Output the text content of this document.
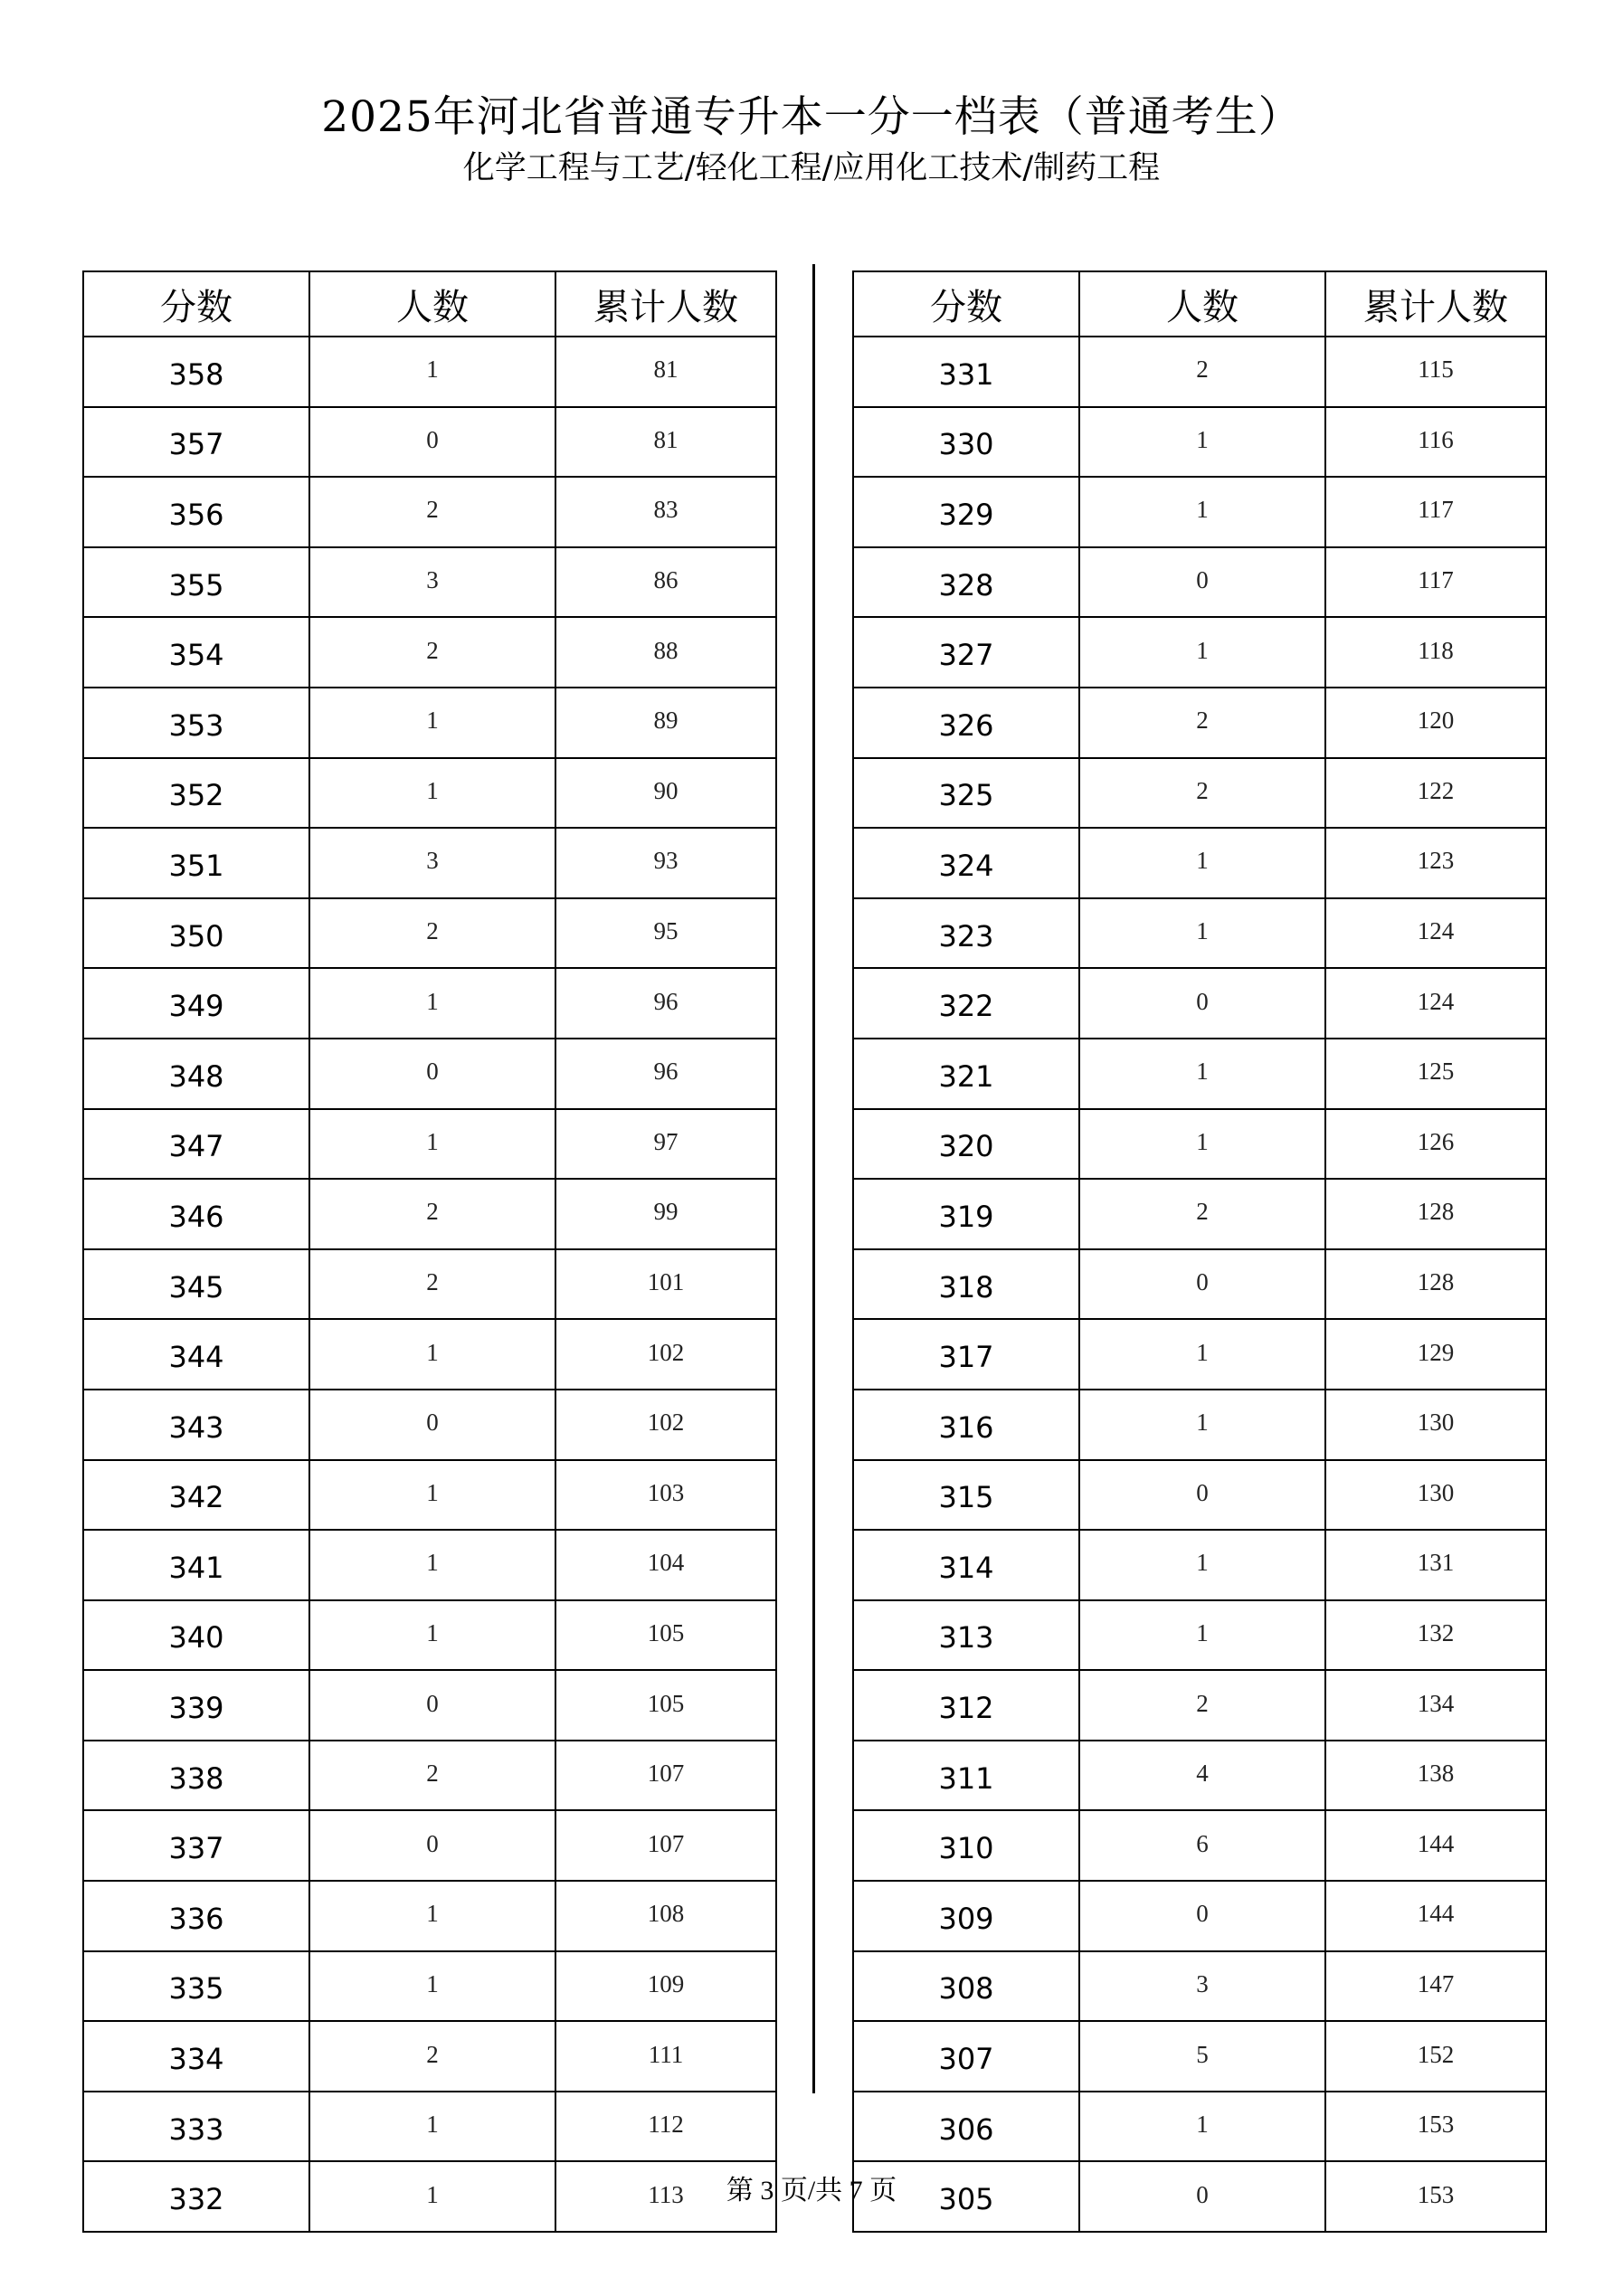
2025年河北省普通专升本一分一档表（普通考生）
化学工程与工艺/轻化工程/应用化工技术/制药工程
分数	人数	累计人数
358	1	81
357	0	81
356	2	83
355	3	86
354	2	88
353	1	89
352	1	90
351	3	93
350	2	95
349	1	96
348	0	96
347	1	97
346	2	99
345	2	101
344	1	102
343	0	102
342	1	103
341	1	104
340	1	105
339	0	105
338	2	107
337	0	107
336	1	108
335	1	109
334	2	111
333	1	112
332	1	113
分数	人数	累计人数
331	2	115
330	1	116
329	1	117
328	0	117
327	1	118
326	2	120
325	2	122
324	1	123
323	1	124
322	0	124
321	1	125
320	1	126
319	2	128
318	0	128
317	1	129
316	1	130
315	0	130
314	1	131
313	1	132
312	2	134
311	4	138
310	6	144
309	0	144
308	3	147
307	5	152
306	1	153
305	0	153
第 3 页/共 7 页
